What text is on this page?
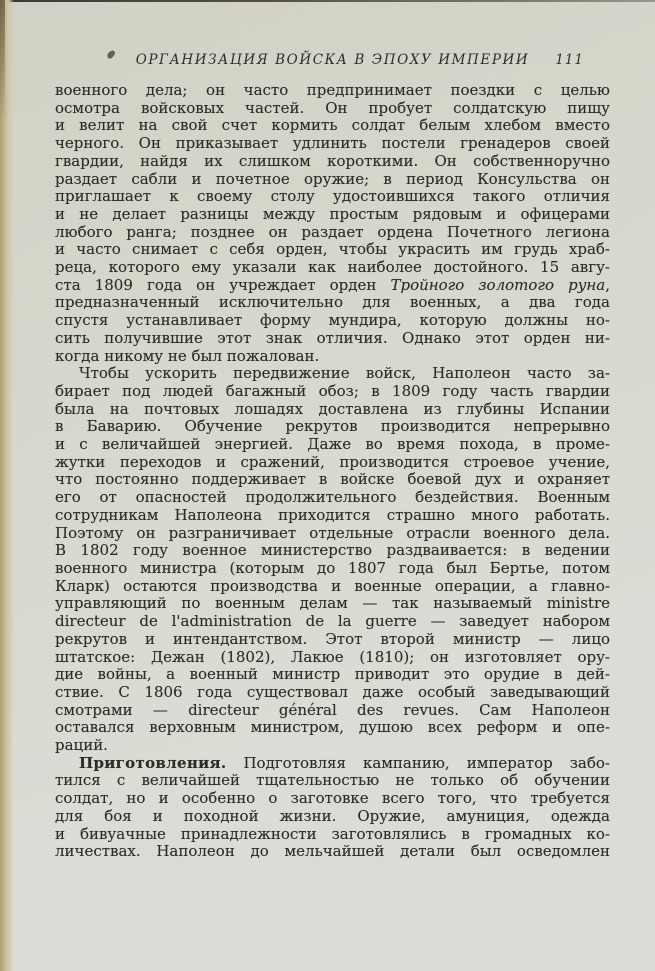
ОРГАНИЗАЦИЯ ВОЙСКА В ЭПОХУ ИМПЕРИИ 111
военного дела; он часто предпринимает поездки с целью
осмотра войсковых частей. Он пробует солдатскую пищу
и велит на свой счет кормить солдат белым хлебом вместо
черного. Он приказывает удлинить постели гренадеров своей
гвардии, найдя их слишком короткими. Он собственноручно
раздает сабли и почетное оружие; в период Консульства он
приглашает к своему столу удостоившихся такого отличия
и не делает разницы между простым рядовым и офицерами
любого ранга; позднее он раздает ордена Почетного легиона
и часто снимает с себя орден, чтобы украсить им грудь храб-
реца, которого ему указали как наиболее достойного. 15 авгу-
ста 1809 года он учреждает орден Тройного золотого руна,
предназначенный исключительно для военных, а два года
спустя устанавливает форму мундира, которую должны но-
сить получившие этот знак отличия. Однако этот орден ни-
когда никому не был пожалован.
Чтобы ускорить передвижение войск, Наполеон часто за-
бирает под людей багажный обоз; в 1809 году часть гвардии
была на почтовых лошадях доставлена из глубины Испании
в Баварию. Обучение рекрутов производится непрерывно
и с величайшей энергией. Даже во время похода, в проме-
жутки переходов и сражений, производится строевое учение,
что постоянно поддерживает в войске боевой дух и охраняет
его от опасностей продолжительного бездействия. Военным
сотрудникам Наполеона приходится страшно много работать.
Поэтому он разграничивает отдельные отрасли военного дела.
В 1802 году военное министерство раздваивается: в ведении
военного министра (которым до 1807 года был Бертье, потом
Кларк) остаются производства и военные операции, а главно-
управляющий по военным делам — так называемый ministre
directeur de l'administration de la guerre — заведует набором
рекрутов и интендантством. Этот второй министр — лицо
штатское: Дежан (1802), Лакюе (1810); он изготовляет ору-
дие войны, а военный министр приводит это орудие в дей-
ствие. С 1806 года существовал даже особый заведывающий
смотрами — directeur général des revues. Сам Наполеон
оставался верховным министром, душою всех реформ и опе-
раций.
Приготовления. Подготовляя кампанию, император забо-
тился с величайшей тщательностью не только об обучении
солдат, но и особенно о заготовке всего того, что требуется
для боя и походной жизни. Оружие, амуниция, одежда
и бивуачные принадлежности заготовлялись в громадных ко-
личествах. Наполеон до мельчайшей детали был осведомлен
